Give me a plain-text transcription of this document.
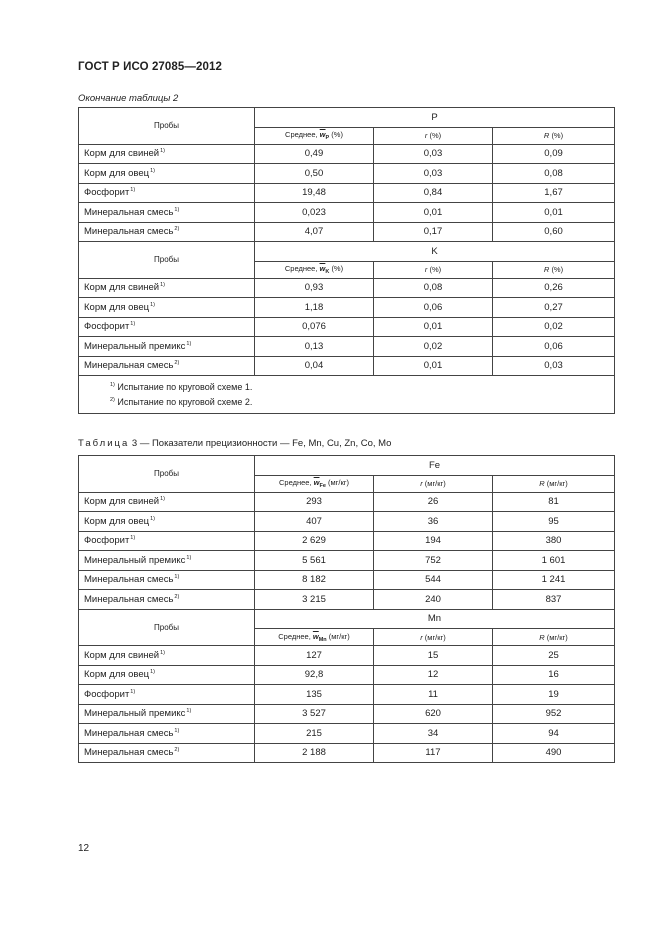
ГОСТ Р ИСО 27085—2012
Окончание таблицы 2
Пробы	P		
	Среднее, $\overline{w}_P$ (%)	r (%)	R (%)
Корм для свиней$^{1)}$	0,49	0,03	0,09
Корм для овец$^{1)}$	0,50	0,03	0,08
Фосфорит$^{1)}$	19,48	0,84	1,67
Минеральная смесь$^{1)}$	0,023	0,01	0,01
Минеральная смесь$^{2)}$	4,07	0,17	0,60
Пробы	K		
	Среднее, $\overline{w}_K$ (%)	r (%)	R (%)
Корм для свиней$^{1)}$	0,93	0,08	0,26
Корм для овец$^{1)}$	1,18	0,06	0,27
Фосфорит$^{1)}$	0,076	0,01	0,02
Минеральный премикс$^{1)}$	0,13	0,02	0,06
Минеральная смесь$^{2)}$	0,04	0,01	0,03

$^{1)}$ Испытание по круговой схеме 1.
$^{2)}$ Испытание по круговой схеме 2.			
Таблица 3 — Показатели прецизионности — Fe, Mn, Cu, Zn, Co, Mo
Пробы	Fe		
	Среднее, $\overline{w}_{Fe}$ (мг/кг)	r (мг/кг)	R (мг/кг)
Корм для свиней$^{1)}$	293	26	81
Корм для овец$^{1)}$	407	36	95
Фосфорит$^{1)}$	2 629	194	380
Минеральный премикс$^{1)}$	5 561	752	1 601
Минеральная смесь$^{1)}$	8 182	544	1 241
Минеральная смесь$^{2)}$	3 215	240	837
Пробы	Mn		
	Среднее, $\overline{w}_{Mn}$ (мг/кг)	r (мг/кг)	R (мг/кг)
Корм для свиней$^{1)}$	127	15	25
Корм для овец$^{1)}$	92,8	12	16
Фосфорит$^{1)}$	135	11	19
Минеральный премикс$^{1)}$	3 527	620	952
Минеральная смесь$^{1)}$	215	34	94
Минеральная смесь$^{2)}$	2 188	117	490
12
